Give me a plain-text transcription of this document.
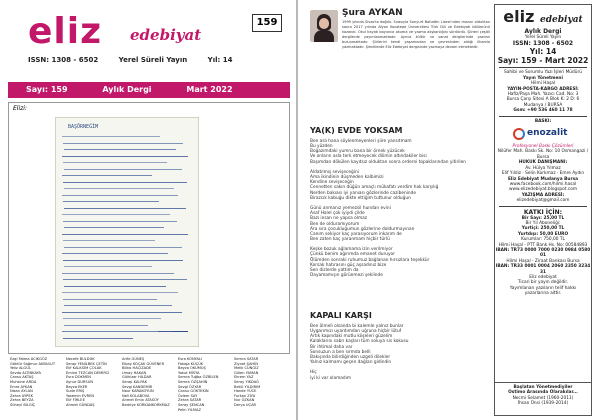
eliz edebiyat
159
ISSN: 1308 - 6502	Yerel Süreli Yayın	Yıl: 14
Sayı: 159	Aylık Dergi	Mart 2022
Elizi:
BAŞÖRNEĞİM
Ezgi Fatma ACIKGÖZ
Göktür Sağmur AKBULUT
Yeliz ALGÜL
Sevda ALTINKAYA
Cansu AKTAŞ
Muhsine ARDA
Emre AYKAN
Nisan AYLAN
Zehra AYPEK
Zehra BEYZA
Süheyl BİLGİÇ
Necefe BULDUK
Serap YENİLBEK ÇETİN
Elif KALKSİM ÇOLAK
Emine TEZCAN DEMİRCİ
Esra DOKMEN
Aynur DURSUN
Beyza EKER
Sude ERİŞ
Yasemin EVREN
Elif FİRLEE
Ahmet GÜNDAŞ
Arife GÜNEŞ
Elbay KOÇAK GÜVENER
Bilkis HACIZADE
Umay HAKAN
Gülhizar HİLDAR
Serap KALPAK
Sevgi KANDEMİR
Nour KARAKOYUN
Neli KOLABOVA
Ahmet Emin ATASOY
Bedriye KORKANKORKMAZ
Esra KONYALI
Fatoşa KÜÇÜK
Beyza OKUMUŞ
Yakut MİSYA
Semra Tuğba ÖZBİLEN
Semra ÖZŞAHİN
Sevgi ÖZYAR
Cansu GÖKTEKİN
Özlem SAY
Zehra SATAR
Seray ŞENCAN
Pelin YILMAZ
Semra SATAR
Ziynet ŞAHİN
Melik CÜNGİZ
Gülen YAMAN
Ekrem YAZ
Seray YIKDAĞ
Betül YILDIRIM
Hande YÜCE
Furkan ZİYA
Nur ÖZKAN
Derya UÇAR
Şura AYKAN
1999 yılında Sivas'ta doğdu. Sırasıyla Sarıyurt Bahattin Lisesi'nden mezun olduktan sonra 2017 yılında Afyon Kocatepe Üniversitesi Türk Dili ve Edebiyatı bölümünü kazandı. Okul hayatı boyunca okuma ve yazma alışkanlığını sürdürdü. Şiirleri çeşitli dergilerde yayımlanmaktadır. Ayrıca kültür ve sanat dergilerinde yazıları bulunmaktadır. Şiirlerini kendi yaşamından ve çevresinden aldığı ilhamla yazmaktadır. Şimdilerde Eliz Edebiyat dergisinde yazmaya devam etmektedir.
YA(K) EVDE YOKSAM
Ben aslı hana söylenmeyenleri şiire yansıtmam
Bu yüzden
Boğazımdaki yumru bana bir örnek yüzücek
Ve onların asla terk etmeyecek dilimin altındakiler bisi
Başımdan dökülen kayıtsız olduktan sonra orderni topaklarından yitirilen

Aldatılmış sevişeceğini
Ama ikindinin düşmeden kalbimizi
Kendine sevişeceğin
Cennetten sakın düğün amaçlı mükafatı verdim hak karşılığ
Nerden bakıası iyi yanıası gözlerinde cazibeninde
Birazcık kabuğu dikte ettiğim tuttunur olduğun

Günü anmanız yemezsil hundan evini
Asaf Halel çok iyiydi çilde
Bazı insan ne yapsa olmaz
Ben de olduramıyorum
Ara sıra çocukluğumun gözlerine doldurmayınan
Canım sekiyor kaç yarasıyorum inkarım de
Ben zaten kaç yaranmam hiçbir türlü

Keşke bozuk ağlamama izin verilmiyor
Çünkü benim ağırımda emanet duruyor
Ölümden sonraki ruhumuz bağlanan hırsızlara teşekkür
Korsak hatırasını güç aşsadınız bize
Sen dizlerde yattım da
Dayamamışın görünmezi şeklinde
KAPALI KARŞI
Ben ölmeli olsanda bi kalemle yalnız bunlar
Uygarımızı uyardımdan uğruna hiçbir lütuf
Artık kapındaki mutlu köşeleri güzelim
Kalaklarını sabrı kaşları tüm soluya sis kokusu
Bir ihtimal daha var
Sonsuzun a ben sırmda belli
Bakışında bilirdiğinden uzgeli dilekler
Yalnız kalmamı geçen dağları gidindin

Hiç
iyi ki var olamadım
eliz edebiyat
Aylık Dergi
Yerel Süreli Yayın
ISSN: 1308 - 6502
Yıl: 14
Sayı: 159 - Mart 2022
Sahibi ve Sorumlu Yazı İşleri Müdürü
Yayın Yönetmeni
Hilmi Haşal
YAYIN-POSTA-KARGO ADRESİ:
Hafiz/Paşa Mah. Yazıcı Cad. No: 3
Bursa Çarşı Sitesi A Blok K: 2 D: 6
Mudanya / BURSA
Gsm: +90 536 460 11 78
BASKI:
enozalit
Profesyonel Baskı Çözümleri
Nilüfer Mah. Baskı Sk. No: 10 Osmangazi / Bursa
HUKUK DANIŞMANI:
Av. Hülya Yılmaz
Elif Yıldız · Selin Korkmaz · Emre Aydın
Eliz Edebiyat Mudanya Bursa
www.facebook.com/hilmi.hasal
www.elizedebiyat.blogspot.com
YAZIŞMA ADRESİ:
elizedebiyat@gmail.com
KATKI İÇİN:
Bir Sayı: 25,00 TL
Bir Yıl Aboneliği:
Yurtiçi: 250,00 TL
Yurtdışı: 50,00 EURO
Kurumlar: 750,00 TL
Hilmi Haşal - PTT Bank Hs. No: 00584893
IBAN: TR73 0000 7000 0230 0984 0580 01
Hilmi Haşal - Ziraat Bankası Bursa
IBAN: TR33 0001 0004 2060 2350 3234 31
Eliz edebiyat
Ticari bir yayın değildir.
Yayımlanan yazıların telif hakkı
yazarlarına aittir.
Başlatan Yönetmediyiler
Ostimo Arasında Olarakılar...
Necmi Selamet (1960-2011)
İhsan Ünsi (1939-2014)
